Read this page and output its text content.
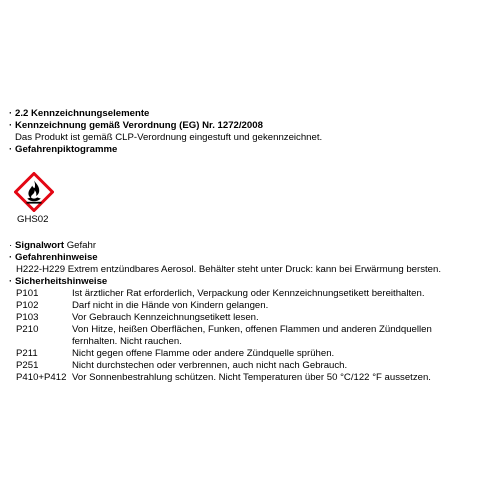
· 2.2 Kennzeichnungselemente
· Kennzeichnung gemäß Verordnung (EG) Nr. 1272/2008
Das Produkt ist gemäß CLP-Verordnung eingestuft und gekennzeichnet.
· Gefahrenpiktogramme
GHS02
· Signalwort Gefahr
· Gefahrenhinweise
H222-H229 Extrem entzündbares Aerosol. Behälter steht unter Druck: kann bei Erwärmung bersten.
· Sicherheitshinweise
P101	Ist ärztlicher Rat erforderlich, Verpackung oder Kennzeichnungsetikett bereithalten.
P102	Darf nicht in die Hände von Kindern gelangen.
P103	Vor Gebrauch Kennzeichnungsetikett lesen.
P210	Von Hitze, heißen Oberflächen, Funken, offenen Flammen und anderen Zündquellen
fernhalten. Nicht rauchen.
P211	Nicht gegen offene Flamme oder andere Zündquelle sprühen.
P251	Nicht durchstechen oder verbrennen, auch nicht nach Gebrauch.
P410+P412 Vor Sonnenbestrahlung schützen. Nicht Temperaturen über 50 °C/122 °F aussetzen.
